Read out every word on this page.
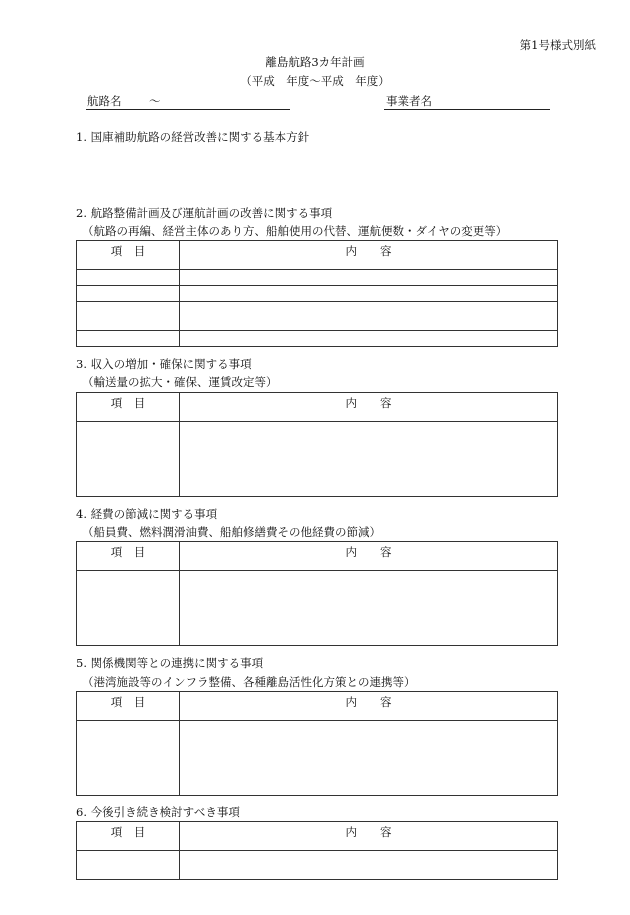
第1号様式別紙
離島航路3カ年計画
（平成　年度～平成　年度）
航路名 ～	事業者名
1. 国庫補助航路の経営改善に関する基本方針
2. 航路整備計画及び運航計画の改善に関する事項
（航路の再編、経営主体のあり方、船舶使用の代替、運航便数・ダイヤの変更等）
項　目	内　　容

3. 収入の増加・確保に関する事項
（輸送量の拡大・確保、運賃改定等）
項　目	内　　容

4. 経費の節減に関する事項
（船員費、燃料潤滑油費、船舶修繕費その他経費の節減）
項　目	内　　容

5. 関係機関等との連携に関する事項
（港湾施設等のインフラ整備、各種離島活性化方策との連携等）
項　目	内　　容

6. 今後引き続き検討すべき事項
項　目	内　　容
